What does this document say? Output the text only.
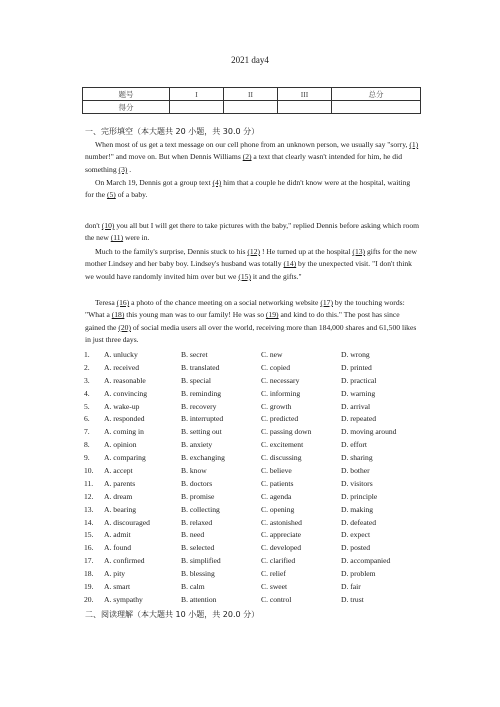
2021 day4
题号	I	II	III	总分
得分				
一、完形填空（本大题共 20 小题，共 30.0 分）
When most of us get a text message on our cell phone from an unknown person, we usually say "sorry, (1) number!" and move on. But when Dennis Williams (2) a text that clearly wasn't intended for him, he did something (3) .
On March 19, Dennis got a group text (4) him that a couple he didn't know were at the hospital, waiting for the (5) of a baby.
don't (10) you all but I will get there to take pictures with the baby," replied Dennis before asking which room the new (11) were in.
Much to the family's surprise, Dennis stuck to his (12) ! He turned up at the hospital (13) gifts for the new mother Lindsey and her baby boy. Lindsey's husband was totally (14) by the unexpected visit. "I don't think we would have randomly invited him over but we (15) it and the gifts."
Teresa (16) a photo of the chance meeting on a social networking website (17) by the touching words: "What a (18) this young man was to our family! He was so (19) and kind to do this." The post has since gained the (20) of social media users all over the world, receiving more than 184,000 shares and 61,500 likes in just three days.
1. A. unlucky	B. secret	C. new	D. wrong
2. A. received	B. translated	C. copied	D. printed
3. A. reasonable	B. special	C. necessary	D. practical
4. A. convincing	B. reminding	C. informing	D. warning
5. A. wake-up	B. recovery	C. growth	D. arrival
6. A. responded	B. interrupted	C. predicted	D. repeated
7. A. coming in	B. setting out	C. passing down	D. moving around
8. A. opinion	B. anxiety	C. excitement	D. effort
9. A. comparing	B. exchanging	C. discussing	D. sharing
10. A. accept	B. know	C. believe	D. bother
11. A. parents	B. doctors	C. patients	D. visitors
12. A. dream	B. promise	C. agenda	D. principle
13. A. bearing	B. collecting	C. opening	D. making
14. A. discouraged	B. relaxed	C. astonished	D. defeated
15. A. admit	B. need	C. appreciate	D. expect
16. A. found	B. selected	C. developed	D. posted
17. A. confirmed	B. simplified	C. clarified	D. accompanied
18. A. pity	B. blessing	C. relief	D. problem
19. A. smart	B. calm	C. sweet	D. fair
20. A. sympathy	B. attention	C. control	D. trust
二、阅读理解（本大题共 10 小题，共 20.0 分）
